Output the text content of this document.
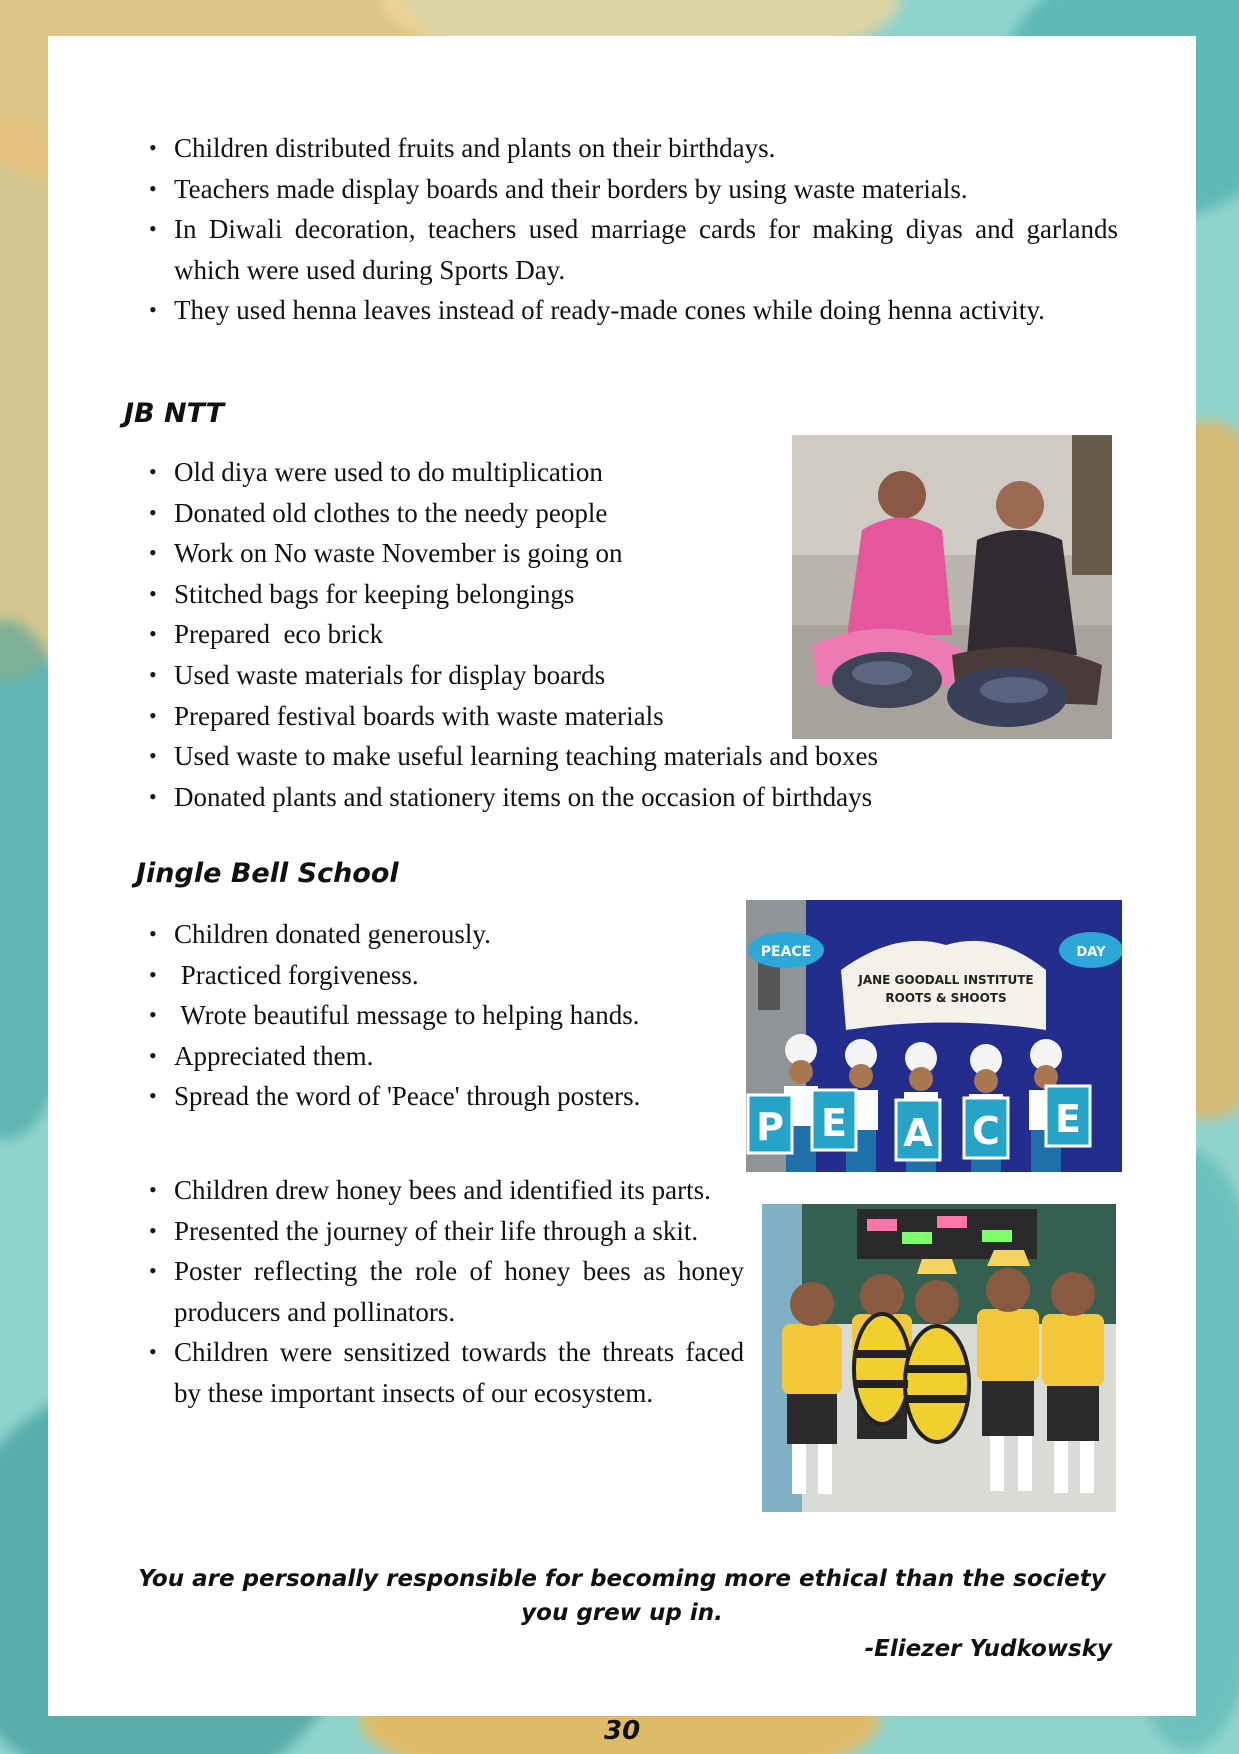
• Children distributed fruits and plants on their birthdays.
• Teachers made display boards and their borders by using waste materials.
• In Diwali decoration, teachers used marriage cards for making diyas and garlands which were used during Sports Day.
• They used henna leaves instead of ready-made cones while doing henna activity.
JB NTT
• Old diya were used to do multiplication
• Donated old clothes to the needy people
• Work on No waste November is going on
• Stitched bags for keeping belongings
• Prepared  eco brick
• Used waste materials for display boards
• Prepared festival boards with waste materials
• Used waste to make useful learning teaching materials and boxes
• Donated plants and stationery items on the occasion of birthdays
Jingle Bell School
• Children donated generously.
•  Practiced forgiveness.
•  Wrote beautiful message to helping hands.
• Appreciated them.
• Spread the word of 'Peace' through posters.
PEACE	DAY
JANE GOODALL INSTITUTE
ROOTS & SHOOTS
P E A C E
• Children drew honey bees and identified its parts.
• Presented the journey of their life through a skit.
• Poster reflecting the role of honey bees as honey producers and pollinators.
• Children were sensitized towards the threats faced by these important insects of our ecosystem.

You are personally responsible for becoming more ethical than the society you grew up in.

-Eliezer Yudkowsky
30
